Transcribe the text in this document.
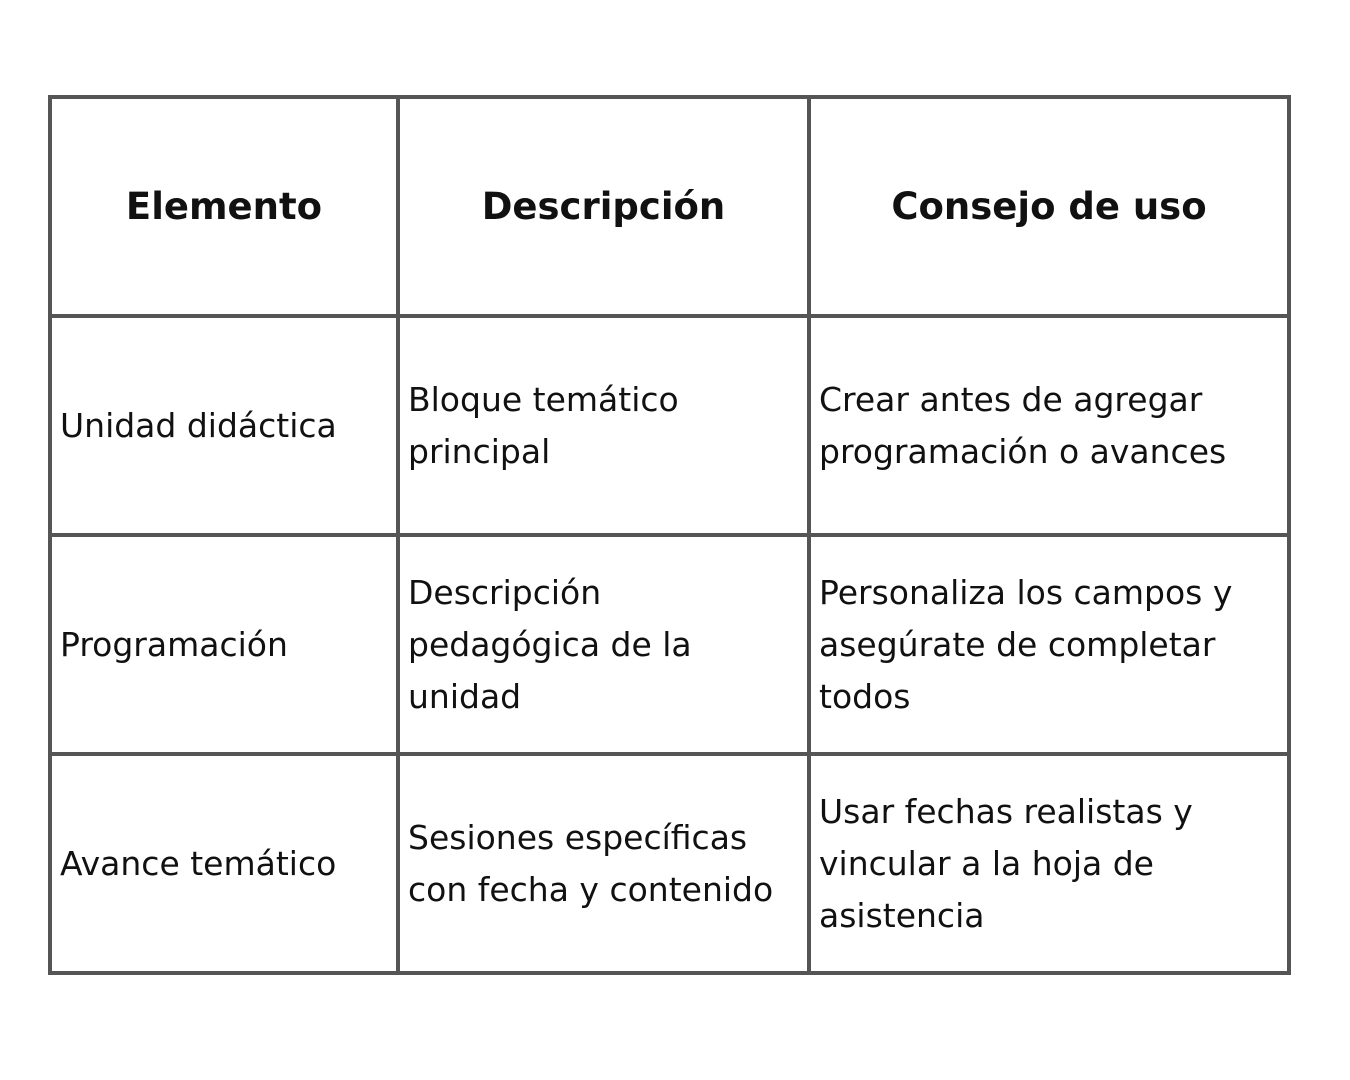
Elemento	Descripción	Consejo de uso
Unidad didáctica	Bloque temático principal	Crear antes de agregar programación o avances
Programación	Descripción pedagógica de la unidad	Personaliza los campos y asegúrate de completar todos
Avance temático	Sesiones específicas con fecha y contenido	Usar fechas realistas y vincular a la hoja de asistencia
